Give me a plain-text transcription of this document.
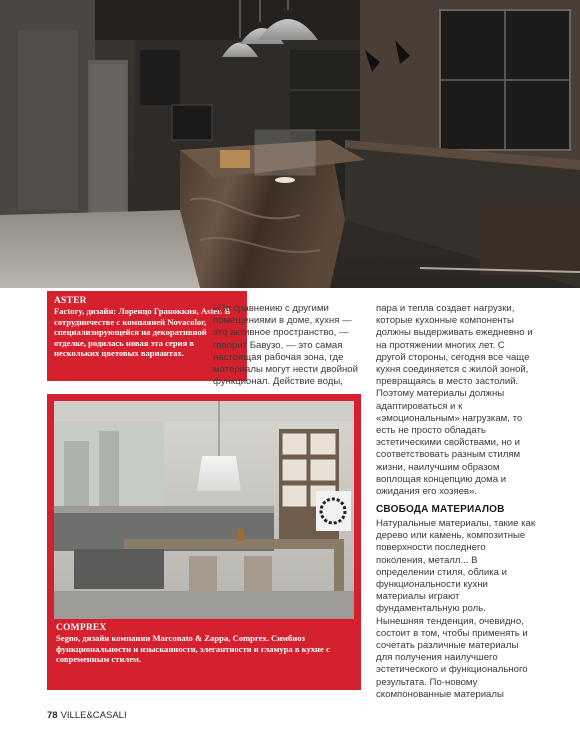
ASTER
Factory, дизайн: Лоренцо Граноккия, Aster. В сотрудничестве с компанией Novacolor, специализирующейся на декоративной отделке, родилась новая эта серия в нескольких цветовых вариантах.

«По сравнению с другими помещениями в доме, кухня — это активное пространство, — говорит Бавузо, — это самая настоящая рабочая зона, где материалы могут нести двойной функционал. Действие воды,

пара и тепла создает нагрузки, которые кухонные компоненты должны выдерживать ежедневно и на протяжении многих лет. С другой стороны, сегодня все чаще кухня соединяется с жилой зоной, превращаясь в место застолий. Поэтому материалы должны адаптироваться и к «эмоциональным» нагрузкам, то есть не просто обладать эстетическими свойствами, но и соответствовать разным стилям жизни, наилучшим образом воплощая концепцию дома и ожидания его хозяев».

СВОБОДА МАТЕРИАЛОВ

Натуральные материалы, такие как дерево или камень, композитные поверхности последнего поколения, металл... В определении стиля, облика и функциональности кухни материалы играют фундаментальную роль. Нынешняя тенденция, очевидно, состоит в том, чтобы применять и сочетать различные материалы для получения наилучшего эстетического и функционального результата. По-новому скомпонованные материалы

COMPREX
Segno, дизайн компании Marconato & Zappa, Comprex. Симбиоз функциональности и изысканности, элегантности и гламура в кухне с современным стилем.
78 VILLE&CASALI
